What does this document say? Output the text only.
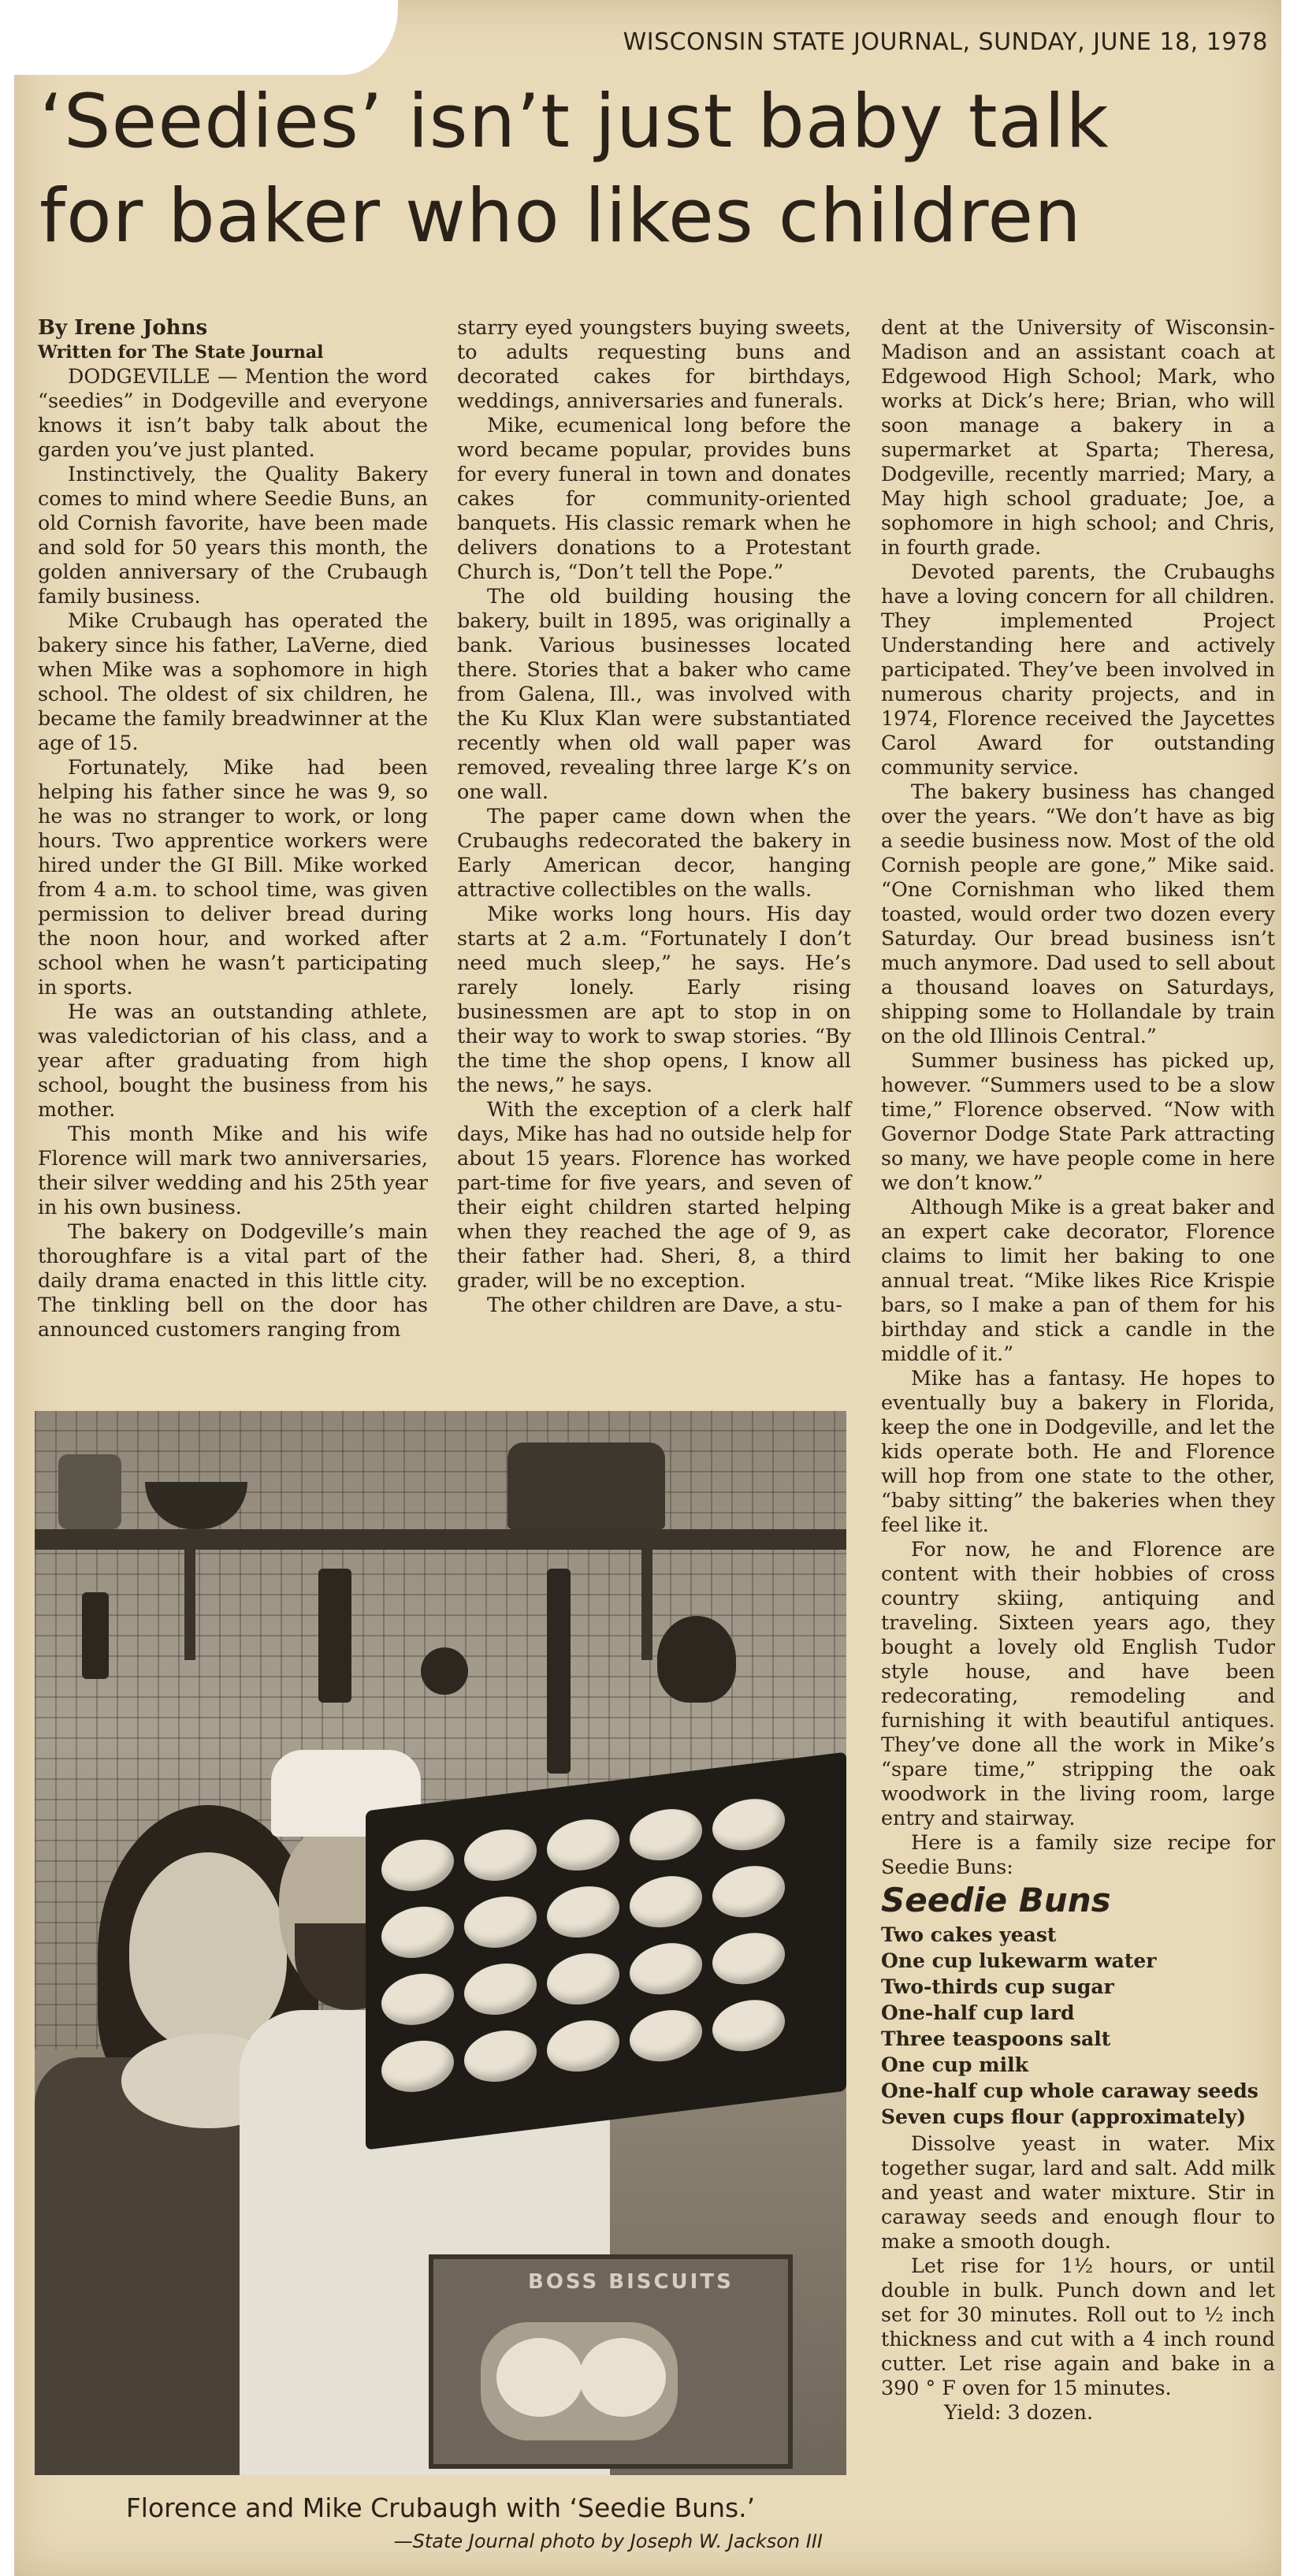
WISCONSIN STATE JOURNAL, SUNDAY, JUNE 18, 1978
‘Seedies’ isn’t just baby talk
for baker who likes children

By Irene Johns

Written for The State Journal

DODGEVILLE — Mention the word “seedies” in Dodgeville and everyone knows it isn’t baby talk about the garden you’ve just planted.

Instinctively, the Quality Bakery comes to mind where Seedie Buns, an old Cornish favorite, have been made and sold for 50 years this month, the golden anniversary of the Crubaugh family business.

Mike Crubaugh has operated the bakery since his father, LaVerne, died when Mike was a sophomore in high school. The oldest of six children, he became the family breadwinner at the age of 15.

Fortunately, Mike had been helping his father since he was 9, so he was no stranger to work, or long hours. Two apprentice workers were hired under the GI Bill. Mike worked from 4 a.m. to school time, was given permission to deliver bread during the noon hour, and worked after school when he wasn’t participating in sports.

He was an outstanding athlete, was valedictorian of his class, and a year after graduating from high school, bought the business from his mother.

This month Mike and his wife Florence will mark two anniversaries, their silver wedding and his 25th year in his own business.

The bakery on Dodgeville’s main thoroughfare is a vital part of the daily drama enacted in this little city. The tinkling bell on the door has announced customers ranging from

starry eyed youngsters buying sweets, to adults requesting buns and decorated cakes for birthdays, weddings, anniversaries and funerals.

Mike, ecumenical long before the word became popular, provides buns for every funeral in town and donates cakes for community-oriented banquets. His classic remark when he delivers donations to a Protestant Church is, “Don’t tell the Pope.”

The old building housing the bakery, built in 1895, was originally a bank. Various businesses located there. Stories that a baker who came from Galena, Ill., was involved with the Ku Klux Klan were substantiated recently when old wall paper was removed, revealing three large K’s on one wall.

The paper came down when the Crubaughs redecorated the bakery in Early American decor, hanging attractive collectibles on the walls.

Mike works long hours. His day starts at 2 a.m. “Fortunately I don’t need much sleep,” he says. He’s rarely lonely. Early rising businessmen are apt to stop in on their way to work to swap stories. “By the time the shop opens, I know all the news,” he says.

With the exception of a clerk half days, Mike has had no outside help for about 15 years. Florence has worked part-time for five years, and seven of their eight children started helping when they reached the age of 9, as their father had. Sheri, 8, a third grader, will be no exception.

The other children are Dave, a stu-

dent at the University of Wisconsin-Madison and an assistant coach at Edgewood High School; Mark, who works at Dick’s here; Brian, who will soon manage a bakery in a supermarket at Sparta; Theresa, Dodgeville, recently married; Mary, a May high school graduate; Joe, a sophomore in high school; and Chris, in fourth grade.

Devoted parents, the Crubaughs have a loving concern for all children. They implemented Project Understanding here and actively participated. They’ve been involved in numerous charity projects, and in 1974, Florence received the Jaycettes Carol Award for outstanding community service.

The bakery business has changed over the years. “We don’t have as big a seedie business now. Most of the old Cornish people are gone,” Mike said. “One Cornishman who liked them toasted, would order two dozen every Saturday. Our bread business isn’t much anymore. Dad used to sell about a thousand loaves on Saturdays, shipping some to Hollandale by train on the old Illinois Central.”

Summer business has picked up, however. “Summers used to be a slow time,” Florence observed. “Now with Governor Dodge State Park attracting so many, we have people come in here we don’t know.”

Although Mike is a great baker and an expert cake decorator, Florence claims to limit her baking to one annual treat. “Mike likes Rice Krispie bars, so I make a pan of them for his birthday and stick a candle in the middle of it.”

Mike has a fantasy. He hopes to eventually buy a bakery in Florida, keep the one in Dodgeville, and let the kids operate both. He and Florence will hop from one state to the other, “baby sitting” the bakeries when they feel like it.

For now, he and Florence are content with their hobbies of cross country skiing, antiquing and traveling. Sixteen years ago, they bought a lovely old English Tudor style house, and have been redecorating, remodeling and furnishing it with beautiful antiques. They’ve done all the work in Mike’s “spare time,” stripping the oak woodwork in the living room, large entry and stairway.

Here is a family size recipe for Seedie Buns:

Seedie Buns

Two cakes yeast
One cup lukewarm water
Two-thirds cup sugar
One-half cup lard
Three teaspoons salt
One cup milk
One-half cup whole caraway seeds
Seven cups flour (approximately)

Dissolve yeast in water. Mix together sugar, lard and salt. Add milk and yeast and water mixture. Stir in caraway seeds and enough flour to make a smooth dough.

Let rise for 1½ hours, or until double in bulk. Punch down and let set for 30 minutes. Roll out to ½ inch thickness and cut with a 4 inch round cutter. Let rise again and bake in a 390 ° F oven for 15 minutes.

Yield: 3 dozen.

BOSS BISCUITS
Florence and Mike Crubaugh with ‘Seedie Buns.’
—State Journal photo by Joseph W. Jackson III
